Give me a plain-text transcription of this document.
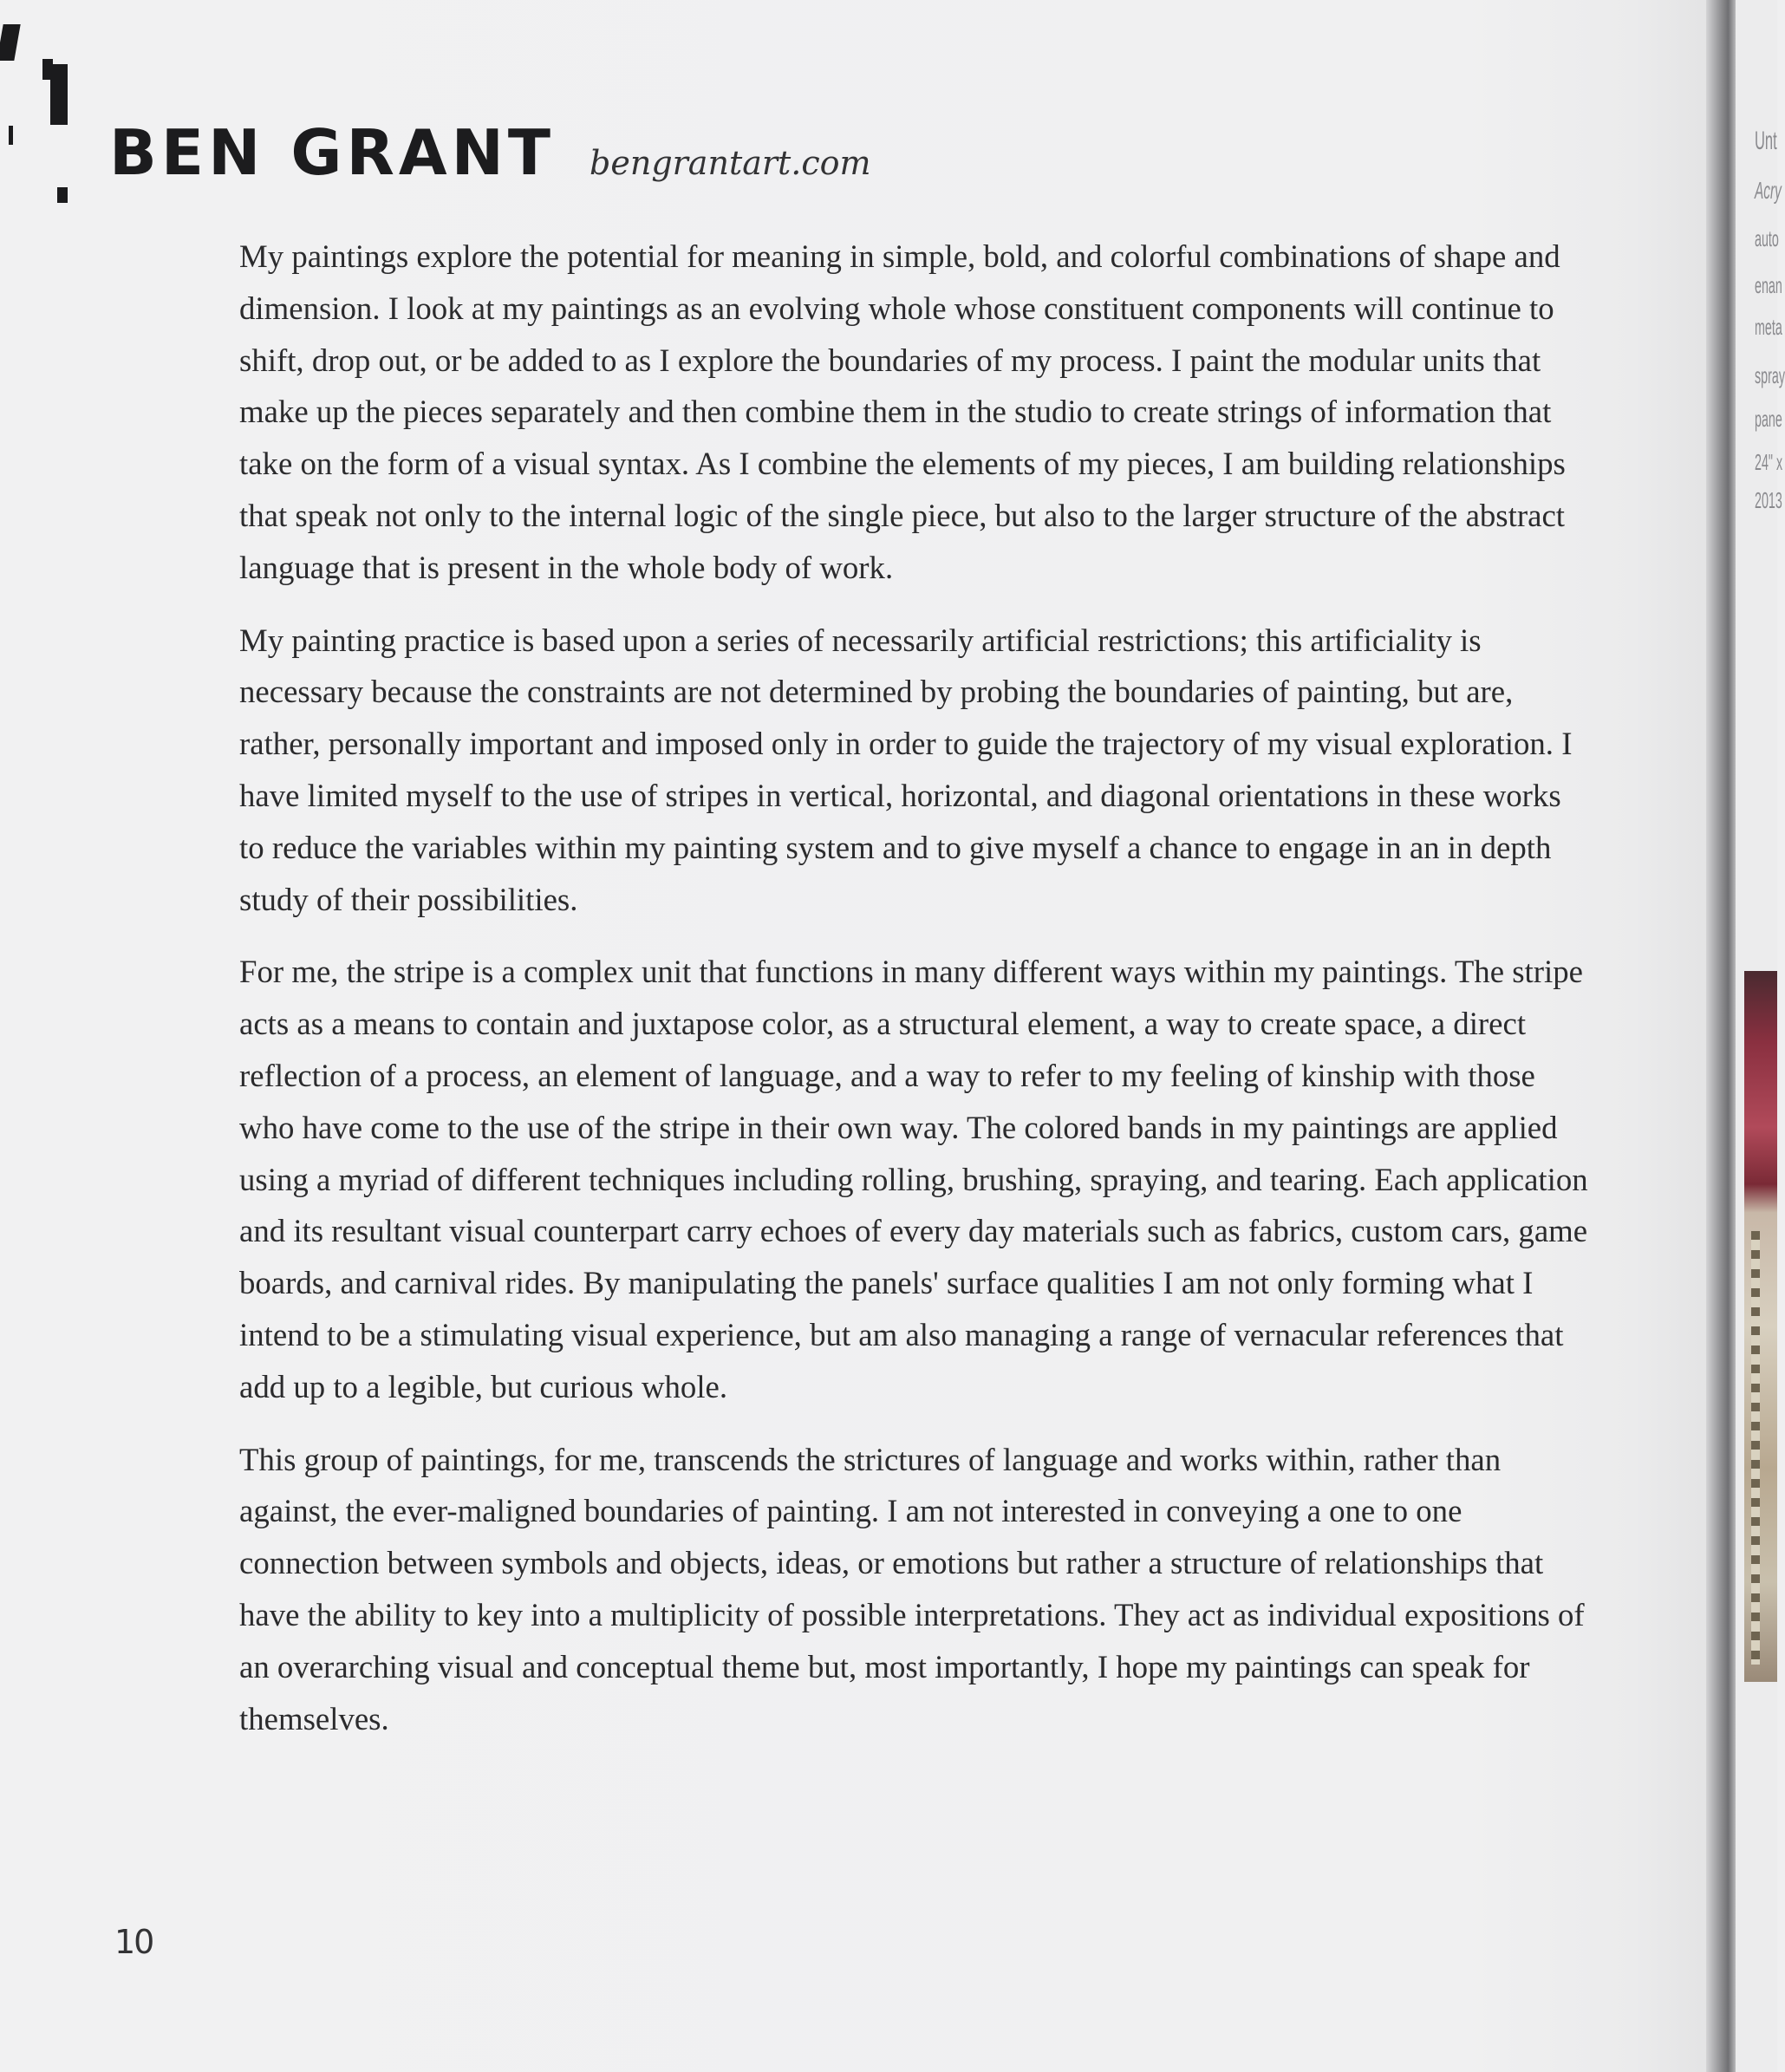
BEN GRANT bengrantart.com

My paintings explore the potential for meaning in simple, bold, and colorful combinations of shape and dimension. I look at my paintings as an evolving whole whose constituent components will continue to shift, drop out, or be added to as I explore the boundaries of my process. I paint the modular units that make up the pieces separately and then combine them in the studio to create strings of information that take on the form of a visual syntax. As I combine the elements of my pieces, I am building relationships that speak not only to the internal logic of the single piece, but also to the larger structure of the abstract language that is present in the whole body of work.

My painting practice is based upon a series of necessarily artificial restrictions; this artificiality is necessary because the constraints are not determined by probing the boundaries of painting, but are, rather, personally important and imposed only in order to guide the trajectory of my visual exploration. I have limited myself to the use of stripes in vertical, horizontal, and diagonal orientations in these works to reduce the variables within my painting system and to give myself a chance to engage in an in depth study of their possibilities.

For me, the stripe is a complex unit that functions in many different ways within my paintings. The stripe acts as a means to contain and juxtapose color, as a structural element, a way to create space, a direct reflection of a process, an element of language, and a way to refer to my feeling of kinship with those who have come to the use of the stripe in their own way. The colored bands in my paintings are applied using a myriad of different techniques including rolling, brushing, spraying, and tearing. Each application and its resultant visual counterpart carry echoes of every day materials such as fabrics, custom cars, game boards, and carnival rides. By manipulating the panels' surface qualities I am not only forming what I intend to be a stimulating visual experience, but am also managing a range of vernacular references that add up to a legible, but curious whole.

This group of paintings, for me, transcends the strictures of language and works within, rather than against, the ever-maligned boundaries of painting. I am not interested in conveying a one to one connection between symbols and objects, ideas, or emotions but rather a structure of relationships that have the ability to key into a multiplicity of possible interpretations. They act as individual expositions of an overarching visual and conceptual theme but, most importantly, I hope my paintings can speak for themselves.

10
Unt
Acry
auto
enan
meta
spray
pane
24" x
2013
